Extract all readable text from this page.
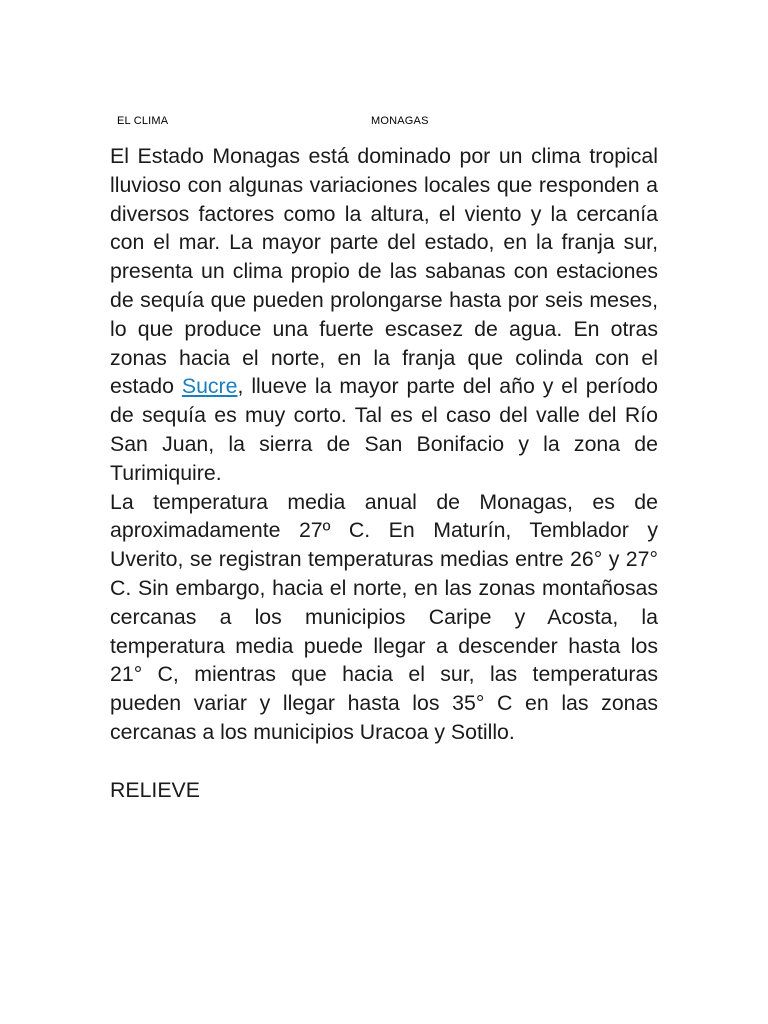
EL CLIMA	MONAGAS

El Estado Monagas está dominado por un clima tropical lluvioso con algunas variaciones locales que responden a diversos factores como la altura, el viento y la cercanía con el mar. La mayor parte del estado, en la franja sur, presenta un clima propio de las sabanas con estaciones de sequía que pueden prolongarse hasta por seis meses, lo que produce una fuerte escasez de agua. En otras zonas hacia el norte, en la franja que colinda con el estado Sucre, llueve la mayor parte del año y el período de sequía es muy corto. Tal es el caso del valle del Río San Juan, la sierra de San Bonifacio y la zona de Turimiquire.

La temperatura media anual de Monagas, es de aproximadamente 27º C. En Maturín, Temblador y Uverito, se registran temperaturas medias entre 26° y 27° C. Sin embargo, hacia el norte, en las zonas montañosas cercanas a los municipios Caripe y Acosta, la temperatura media puede llegar a descender hasta los 21° C, mientras que hacia el sur, las temperaturas pueden variar y llegar hasta los 35° C en las zonas cercanas a los municipios Uracoa y Sotillo.

RELIEVE
